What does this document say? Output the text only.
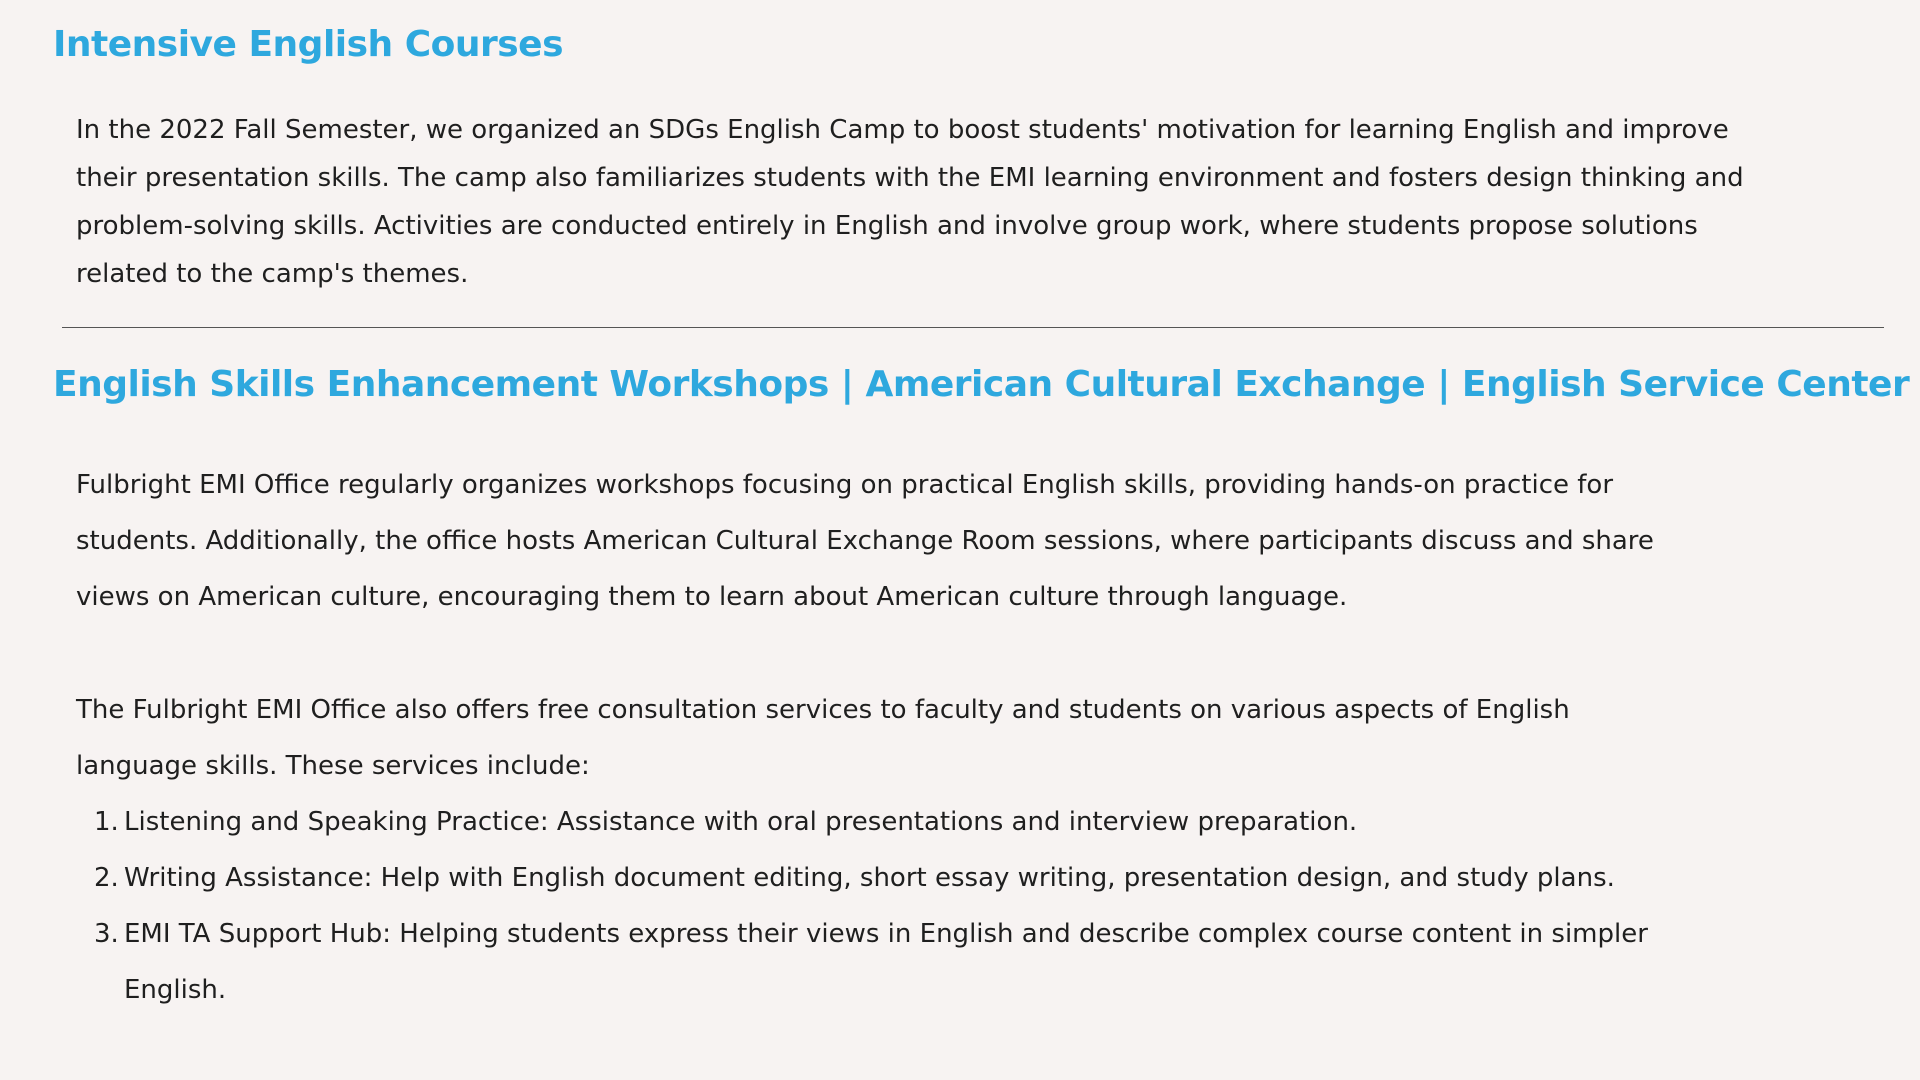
Intensive English Courses

In the 2022 Fall Semester, we organized an SDGs English Camp to boost students' motivation for learning English and improve their presentation skills. The camp also familiarizes students with the EMI learning environment and fosters design thinking and problem-solving skills. Activities are conducted entirely in English and involve group work, where students propose solutions related to the camp's themes.

English Skills Enhancement Workshops | American Cultural Exchange | English Service Center

Fulbright EMI Office regularly organizes workshops focusing on practical English skills, providing hands-on practice for students. Additionally, the office hosts American Cultural Exchange Room sessions, where participants discuss and share views on American culture, encouraging them to learn about American culture through language.

The Fulbright EMI Office also offers free consultation services to faculty and students on various aspects of English language skills. These services include:

1. Listening and Speaking Practice: Assistance with oral presentations and interview preparation.
2. Writing Assistance: Help with English document editing, short essay writing, presentation design, and study plans.
3. EMI TA Support Hub: Helping students express their views in English and describe complex course content in simpler English.
